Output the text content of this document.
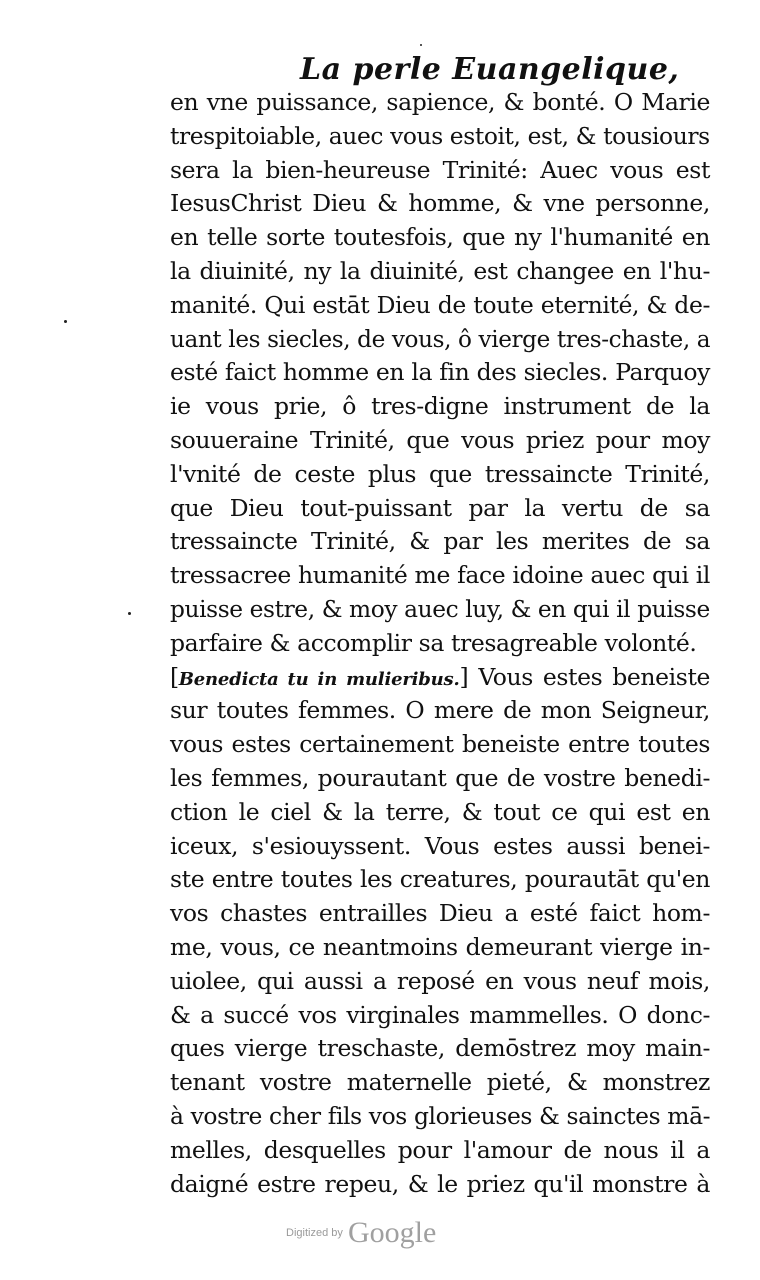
La perle Euangelique,
en vne puissance, sapience, & bonté. O Marie
trespitoiable, auec vous estoit, est, & tousiours
sera la bien-heureuse Trinité: Auec vous est
IesusChrist Dieu & homme, & vne personne,
en telle sorte toutesfois, que ny l'humanité en
la diuinité, ny la diuinité, est changee en l'hu-
manité. Qui estāt Dieu de toute eternité, & de-
uant les siecles, de vous, ô vierge tres-chaste, a
esté faict homme en la fin des siecles. Parquoy
ie vous prie, ô tres-digne instrument de la
souueraine Trinité, que vous priez pour moy
l'vnité de ceste plus que tressaincte Trinité,
que Dieu tout-puissant par la vertu de sa
tressaincte Trinité, & par les merites de sa
tressacree humanité me face idoine auec qui il
puisse estre, & moy auec luy, & en qui il puisse
parfaire & accomplir sa tresagreable volonté.
[Benedicta tu in mulieribus.] Vous estes beneiste
sur toutes femmes. O mere de mon Seigneur,
vous estes certainement beneiste entre toutes
les femmes, pourautant que de vostre benedi-
ction le ciel & la terre, & tout ce qui est en
iceux, s'esiouyssent. Vous estes aussi benei-
ste entre toutes les creatures, pourautāt qu'en
vos chastes entrailles Dieu a esté faict hom-
me, vous, ce neantmoins demeurant vierge in-
uiolee, qui aussi a reposé en vous neuf mois,
& a succé vos virginales mammelles. O donc-
ques vierge treschaste, demōstrez moy main-
tenant vostre maternelle pieté, & monstrez
à vostre cher fils vos glorieuses & sainctes mā-
melles, desquelles pour l'amour de nous il a
daigné estre repeu, & le priez qu'il monstre à
Digitized by Google
